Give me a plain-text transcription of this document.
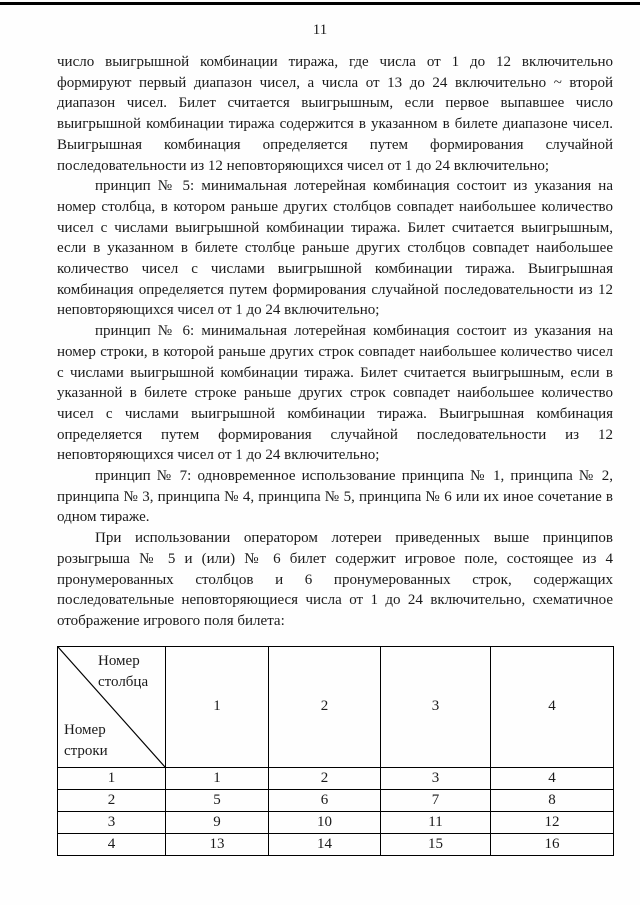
11

число выигрышной комбинации тиража, где числа от 1 до 12 включительно формируют первый диапазон чисел, а числа от 13 до 24 включительно ~ второй диапазон чисел. Билет считается выигрышным, если первое выпавшее число выигрышной комбинации тиража содержится в указанном в билете диапазоне чисел. Выигрышная комбинация определяется путем формирования случайной последовательности из 12 неповторяющихся чисел от 1 до 24 включительно;

принцип № 5: минимальная лотерейная комбинация состоит из указания на номер столбца, в котором раньше других столбцов совпадет наибольшее количество чисел с числами выигрышной комбинации тиража. Билет считается выигрышным, если в указанном в билете столбце раньше других столбцов совпадет наибольшее количество чисел с числами выигрышной комбинации тиража. Выигрышная комбинация определяется путем формирования случайной последовательности из 12 неповторяющихся чисел от 1 до 24 включительно;

принцип № 6: минимальная лотерейная комбинация состоит из указания на номер строки, в которой раньше других строк совпадет наибольшее количество чисел с числами выигрышной комбинации тиража. Билет считается выигрышным, если в указанной в билете строке раньше других строк совпадет наибольшее количество чисел с числами выигрышной комбинации тиража. Выигрышная комбинация определяется путем формирования случайной последовательности из 12 неповторяющихся чисел от 1 до 24 включительно;

принцип № 7: одновременное использование принципа № 1, принципа № 2, принципа № 3, принципа № 4, принципа № 5, принципа № 6 или их иное сочетание в одном тираже.

При использовании оператором лотереи приведенных выше принципов розыгрыша № 5 и (или) № 6 билет содержит игровое поле, состоящее из 4 пронумерованных столбцов и 6 пронумерованных строк, содержащих последовательные неповторяющиеся числа от 1 до 24 включительно, схематичное отображение игрового поля билета:

Номер столбца
Номер строки	1	2	3	4
1	1	2	3	4
2	5	6	7	8
3	9	10	11	12
4	13	14	15	16
